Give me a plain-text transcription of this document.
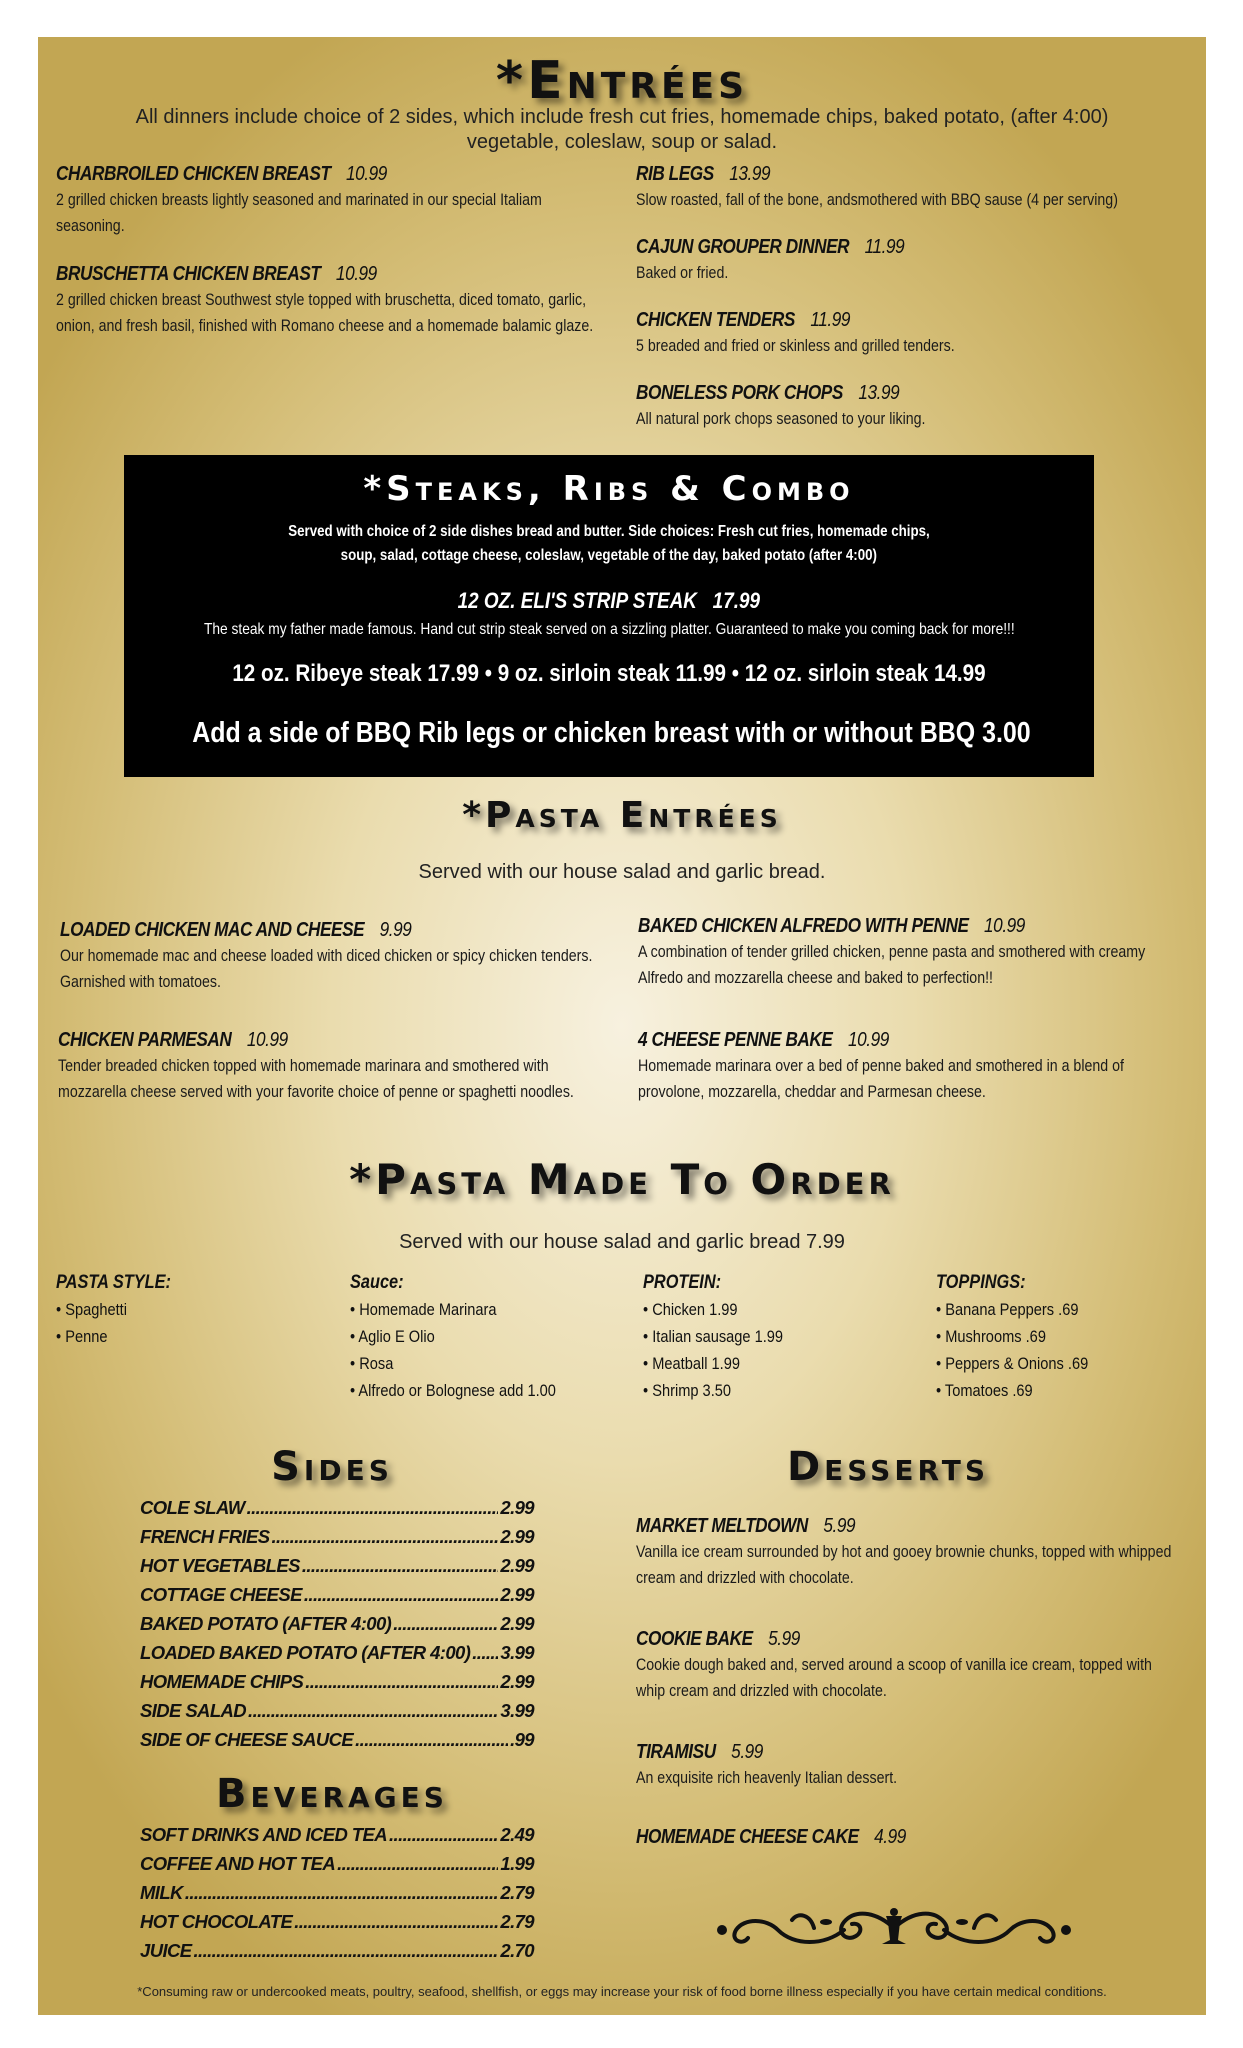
*Entrées
All dinners include choice of 2 sides, which include fresh cut fries, homemade chips, baked potato, (after 4:00)
vegetable, coleslaw, soup or salad.
CHARBROILED CHICKEN BREAST 10.99
2 grilled chicken breasts lightly seasoned and marinated in our special Italiam seasoning.
BRUSCHETTA CHICKEN BREAST 10.99
2 grilled chicken breast Southwest style topped with bruschetta, diced tomato, garlic, onion, and fresh basil, finished with Romano cheese and a homemade balamic glaze.
RIB LEGS 13.99
Slow roasted, fall of the bone, andsmothered with BBQ sause (4 per serving)
CAJUN GROUPER DINNER 11.99
Baked or fried.
CHICKEN TENDERS 11.99
5 breaded and fried or skinless and grilled tenders.
BONELESS PORK CHOPS 13.99
All natural pork chops seasoned to your liking.
*Steaks, Ribs & Combo
Served with choice of 2 side dishes bread and butter. Side choices: Fresh cut fries, homemade chips,
soup, salad, cottage cheese, coleslaw, vegetable of the day, baked potato (after 4:00)
12 OZ. ELI'S STRIP STEAK 17.99
The steak my father made famous. Hand cut strip steak served on a sizzling platter. Guaranteed to make you coming back for more!!!
12 oz. Ribeye steak 17.99 • 9 oz. sirloin steak 11.99 • 12 oz. sirloin steak 14.99
Add a side of BBQ Rib legs or chicken breast with or without BBQ 3.00
*Pasta Entrées
Served with our house salad and garlic bread.
LOADED CHICKEN MAC AND CHEESE 9.99
Our homemade mac and cheese loaded with diced chicken or spicy chicken tenders. Garnished with tomatoes.
CHICKEN PARMESAN 10.99
Tender breaded chicken topped with homemade marinara and smothered with mozzarella cheese served with your favorite choice of penne or spaghetti noodles.
BAKED CHICKEN ALFREDO WITH PENNE 10.99
A combination of tender grilled chicken, penne pasta and smothered with creamy Alfredo and mozzarella cheese and baked to perfection!!
4 CHEESE PENNE BAKE 10.99
Homemade marinara over a bed of penne baked and smothered in a blend of provolone, mozzarella, cheddar and Parmesan cheese.
*Pasta Made To Order
Served with our house salad and garlic bread 7.99
PASTA STYLE:
• Spaghetti
• Penne
Sauce:
• Homemade Marinara
• Aglio E Olio
• Rosa
• Alfredo or Bolognese add 1.00
PROTEIN:
• Chicken 1.99
• Italian sausage 1.99
• Meatball 1.99
• Shrimp 3.50
TOPPINGS:
• Banana Peppers .69
• Mushrooms .69
• Peppers & Onions .69
• Tomatoes .69
Sides
COLE SLAW .....	2.99
FRENCH FRIES .....	2.99
HOT VEGETABLES .....	2.99
COTTAGE CHEESE .....	2.99
BAKED POTATO (AFTER 4:00) .....	2.99
LOADED BAKED POTATO (AFTER 4:00) ..... 3.99
HOMEMADE CHIPS .....	2.99
SIDE SALAD .....	3.99
SIDE OF CHEESE SAUCE .....	.99
Beverages
SOFT DRINKS AND ICED TEA .....	2.49
COFFEE AND HOT TEA .....	1.99
MILK .....	2.79
HOT CHOCOLATE .....	2.79
JUICE .....	2.70
Desserts
MARKET MELTDOWN 5.99
Vanilla ice cream surrounded by hot and gooey brownie chunks, topped with whipped cream and drizzled with chocolate.
COOKIE BAKE 5.99
Cookie dough baked and, served around a scoop of vanilla ice cream, topped with whip cream and drizzled with chocolate.
TIRAMISU 5.99
An exquisite rich heavenly Italian dessert.
HOMEMADE CHEESE CAKE 4.99
*Consuming raw or undercooked meats, poultry, seafood, shellfish, or eggs may increase your risk of food borne illness especially if you have certain medical conditions.
